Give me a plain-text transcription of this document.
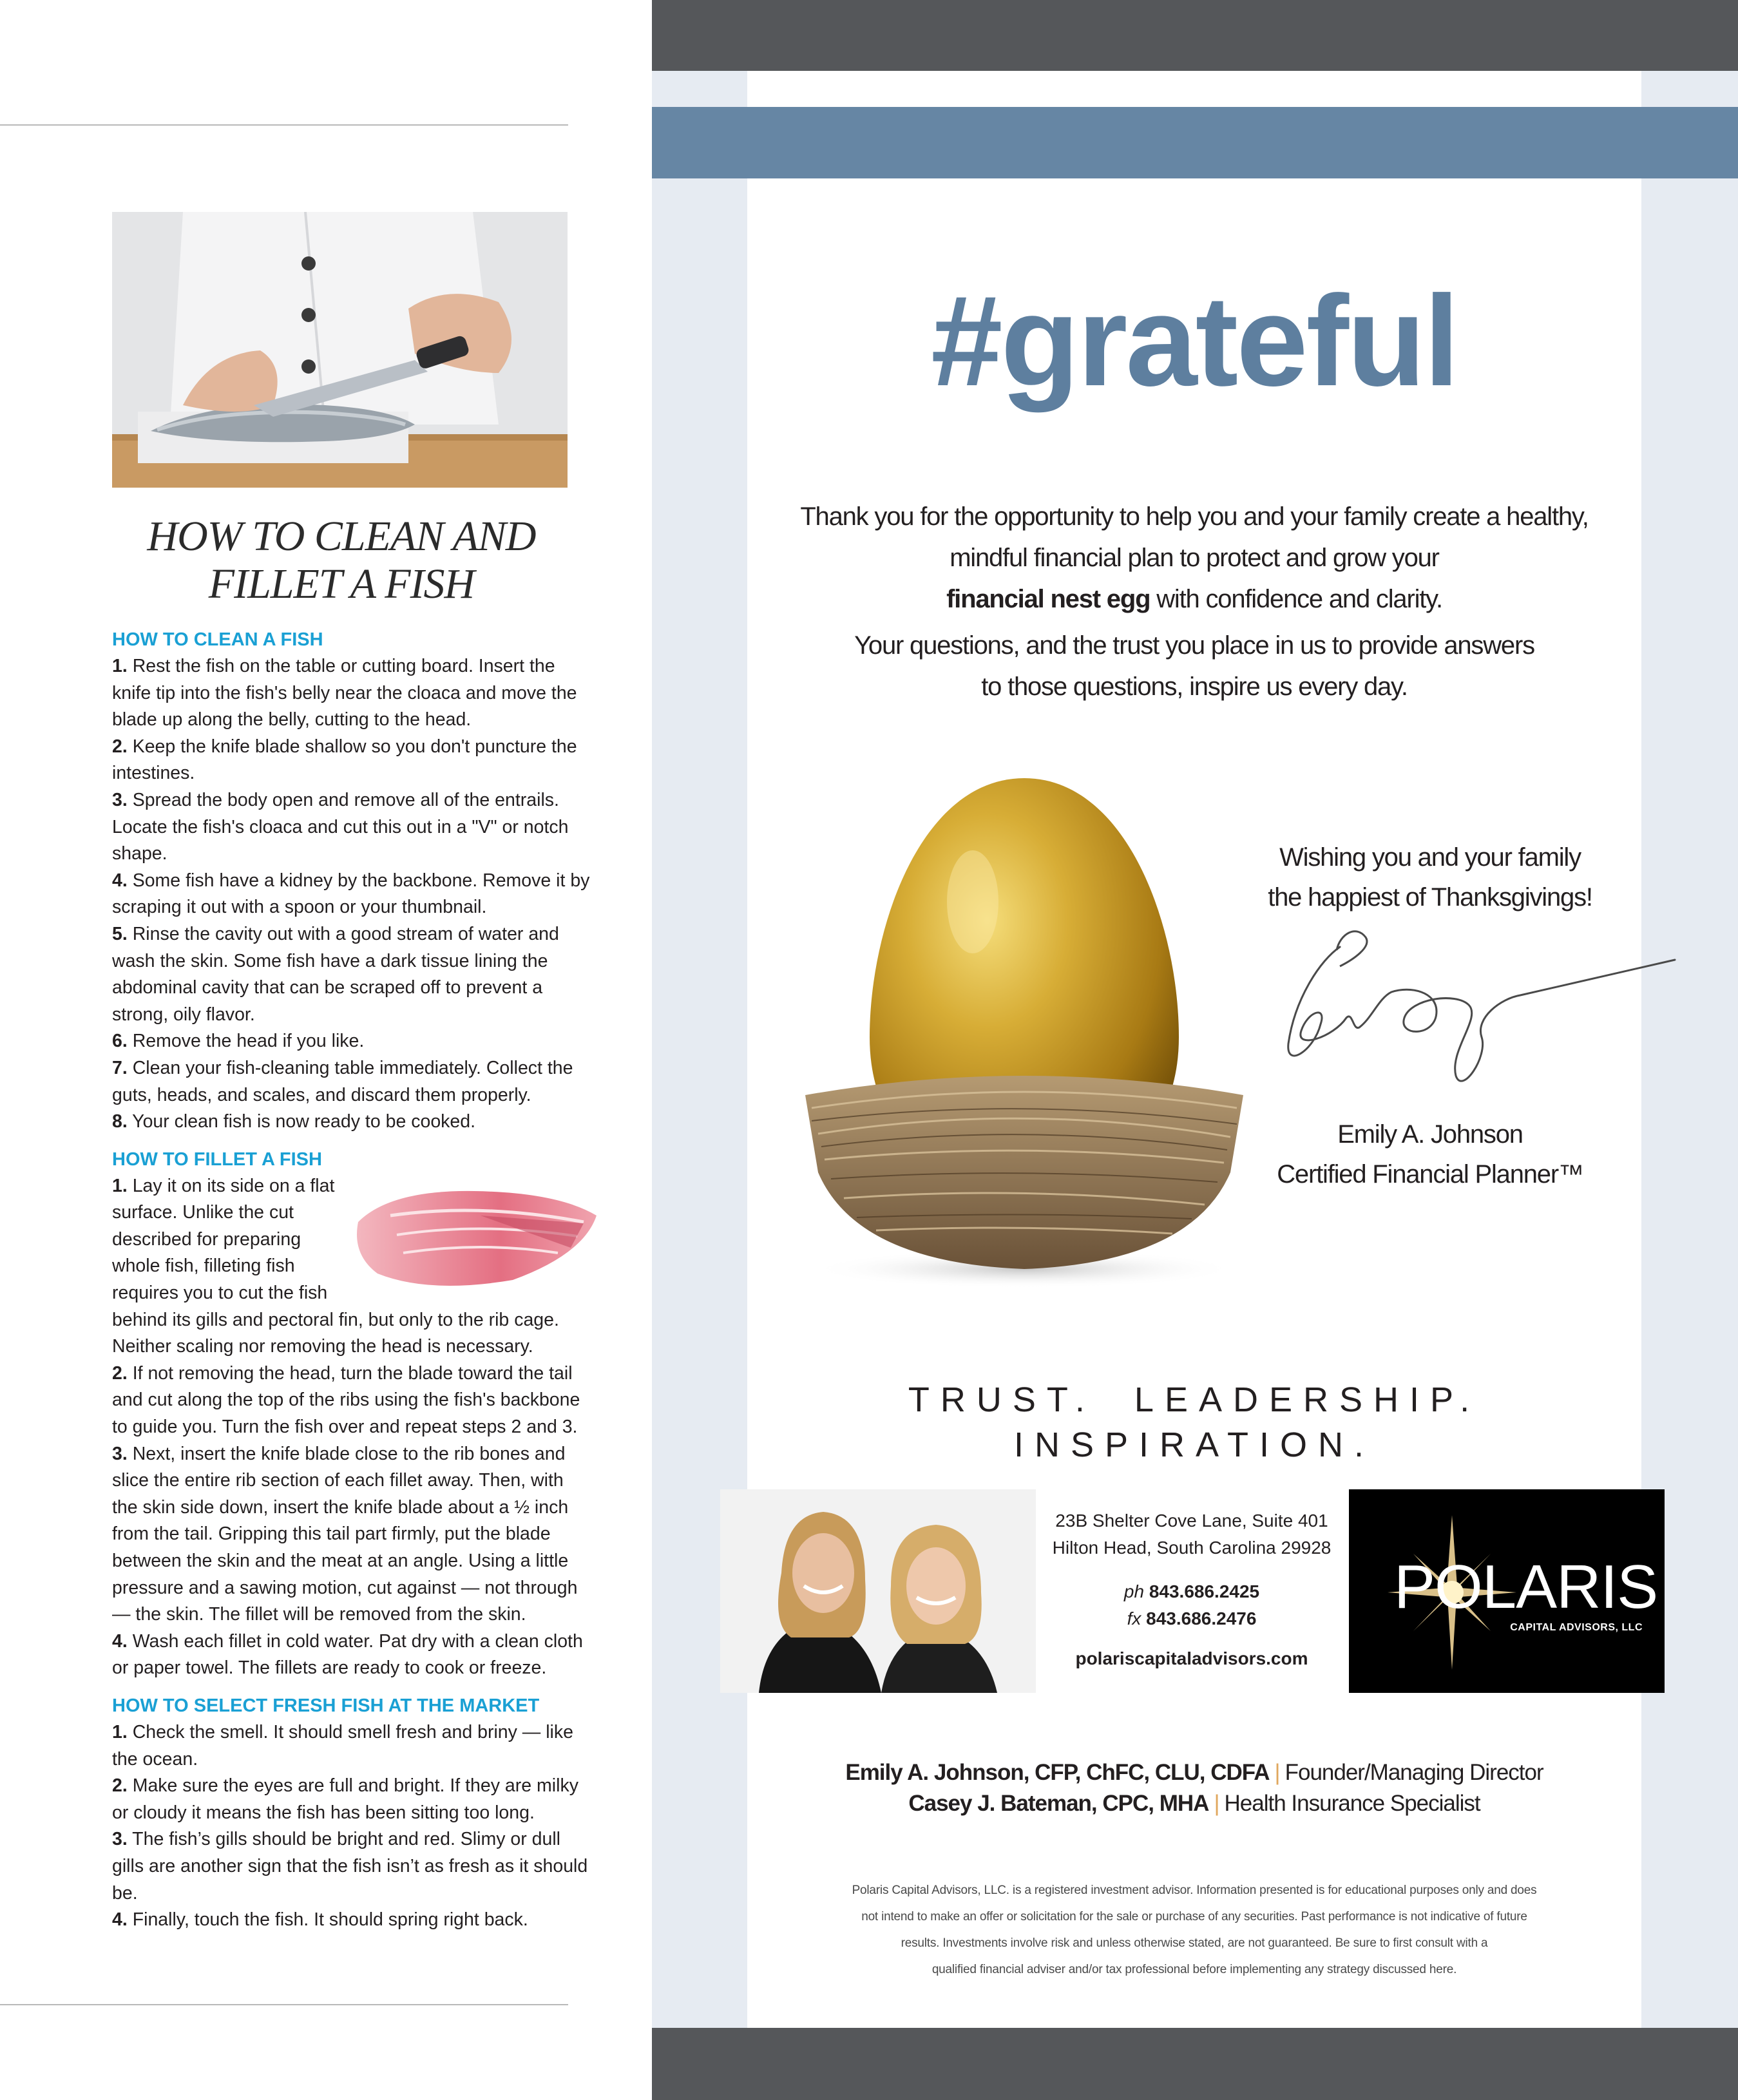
HOW TO CLEAN AND
FILLET A FISH
HOW TO CLEAN A FISH

1. Rest the fish on the table or cutting board. Insert the knife tip into the fish's belly near the cloaca and move the blade up along the belly, cutting to the head.

2. Keep the knife blade shallow so you don't puncture the intestines.

3. Spread the body open and remove all of the entrails. Locate the fish's cloaca and cut this out in a "V" or notch shape.

4. Some fish have a kidney by the backbone. Remove it by scraping it out with a spoon or your thumbnail.

5. Rinse the cavity out with a good stream of water and wash the skin. Some fish have a dark tissue lining the abdominal cavity that can be scraped off to prevent a strong, oily flavor.

6. Remove the head if you like.

7. Clean your fish-cleaning table immediately. Collect the guts, heads, and scales, and discard them properly.

8. Your clean fish is now ready to be cooked.

HOW TO FILLET A FISH

1. Lay it on its side on a flat surface. Unlike the cut described for preparing whole fish, filleting fish requires you to cut the fish behind its gills and pectoral fin, but only to the rib cage. Neither scaling nor removing the head is necessary.

2. If not removing the head, turn the blade toward the tail and cut along the top of the ribs using the fish's backbone to guide you. Turn the fish over and repeat steps 2 and 3.

3. Next, insert the knife blade close to the rib bones and slice the entire rib section of each fillet away. Then, with the skin side down, insert the knife blade about a ½ inch from the tail. Gripping this tail part firmly, put the blade between the skin and the meat at an angle. Using a little pressure and a sawing motion, cut against — not through — the skin. The fillet will be removed from the skin.

4. Wash each fillet in cold water. Pat dry with a clean cloth or paper towel. The fillets are ready to cook or freeze.

HOW TO SELECT FRESH FISH AT THE MARKET

1. Check the smell. It should smell fresh and briny — like the ocean.

2. Make sure the eyes are full and bright. If they are milky or cloudy it means the fish has been sitting too long.

3. The fish’s gills should be bright and red. Slimy or dull gills are another sign that the fish isn’t as fresh as it should be.

4. Finally, touch the fish. It should spring right back.

#grateful

Thank you for the opportunity to help you and your family create a healthy,

mindful financial plan to protect and grow your

financial nest egg with confidence and clarity.

Your questions, and the trust you place in us to provide answers

to those questions, inspire us every day.

Wishing you and your family

the happiest of Thanksgivings!

Emily A. Johnson

Certified Financial Planner™

TRUST. LEADERSHIP. INSPIRATION.

23B Shelter Cove Lane, Suite 401

Hilton Head, South Carolina 29928

ph 843.686.2425

fx 843.686.2476

polariscapitaladvisors.com

POLARIS
CAPITAL ADVISORS, LLC

Emily A. Johnson, CFP, ChFC, CLU, CDFA | Founder/Managing Director

Casey J. Bateman, CPC, MHA | Health Insurance Specialist

Polaris Capital Advisors, LLC. is a registered investment advisor. Information presented is for educational purposes only and does
not intend to make an offer or solicitation for the sale or purchase of any securities. Past performance is not indicative of future
results. Investments involve risk and unless otherwise stated, are not guaranteed. Be sure to first consult with a
qualified financial adviser and/or tax professional before implementing any strategy discussed here.
